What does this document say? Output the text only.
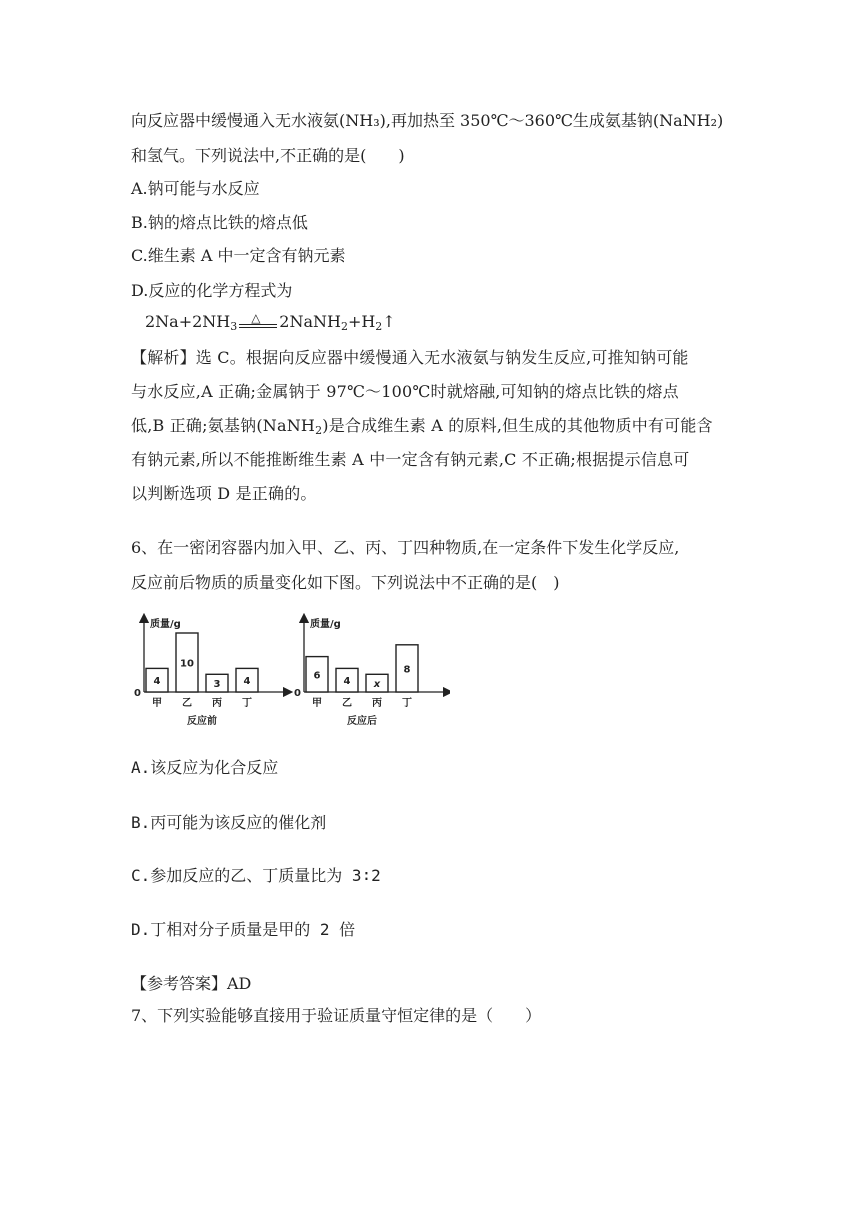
向反应器中缓慢通入无水液氨(NH₃),再加热至 350℃～360℃生成氨基钠(NaNH₂)
和氢气。下列说法中,不正确的是(　　)
A.钠可能与水反应
B.钠的熔点比铁的熔点低
C.维生素 A 中一定含有钠元素
D.反应的化学方程式为
$2Na+2NH_3$
△ $2NaNH_2+H_2↑$
【解析】选 C。根据向反应器中缓慢通入无水液氨与钠发生反应,可推知钠可能
与水反应,A 正确;金属钠于 97℃～100℃时就熔融,可知钠的熔点比铁的熔点
低,B 正确;氨基钠(NaNH$_2$)是合成维生素 A 的原料,但生成的其他物质中有可能含
有钠元素,所以不能推断维生素 A 中一定含有钠元素,C 不正确;根据提示信息可
以判断选项 D 是正确的。
6、在一密闭容器内加入甲、乙、丙、丁四种物质,在一定条件下发生化学反应,
反应前后物质的质量变化如下图。下列说法中不正确的是(　)
质量/g
0
4
甲
10
乙
3
丙
4
丁
反应前
质量/g
0
6
甲
4
乙
x
丙
8
丁
反应后
A.该反应为化合反应
B.丙可能为该反应的催化剂
C.参加反应的乙、丁质量比为 3∶2
D.丁相对分子质量是甲的 2 倍
【参考答案】AD
7、下列实验能够直接用于验证质量守恒定律的是（　　）
